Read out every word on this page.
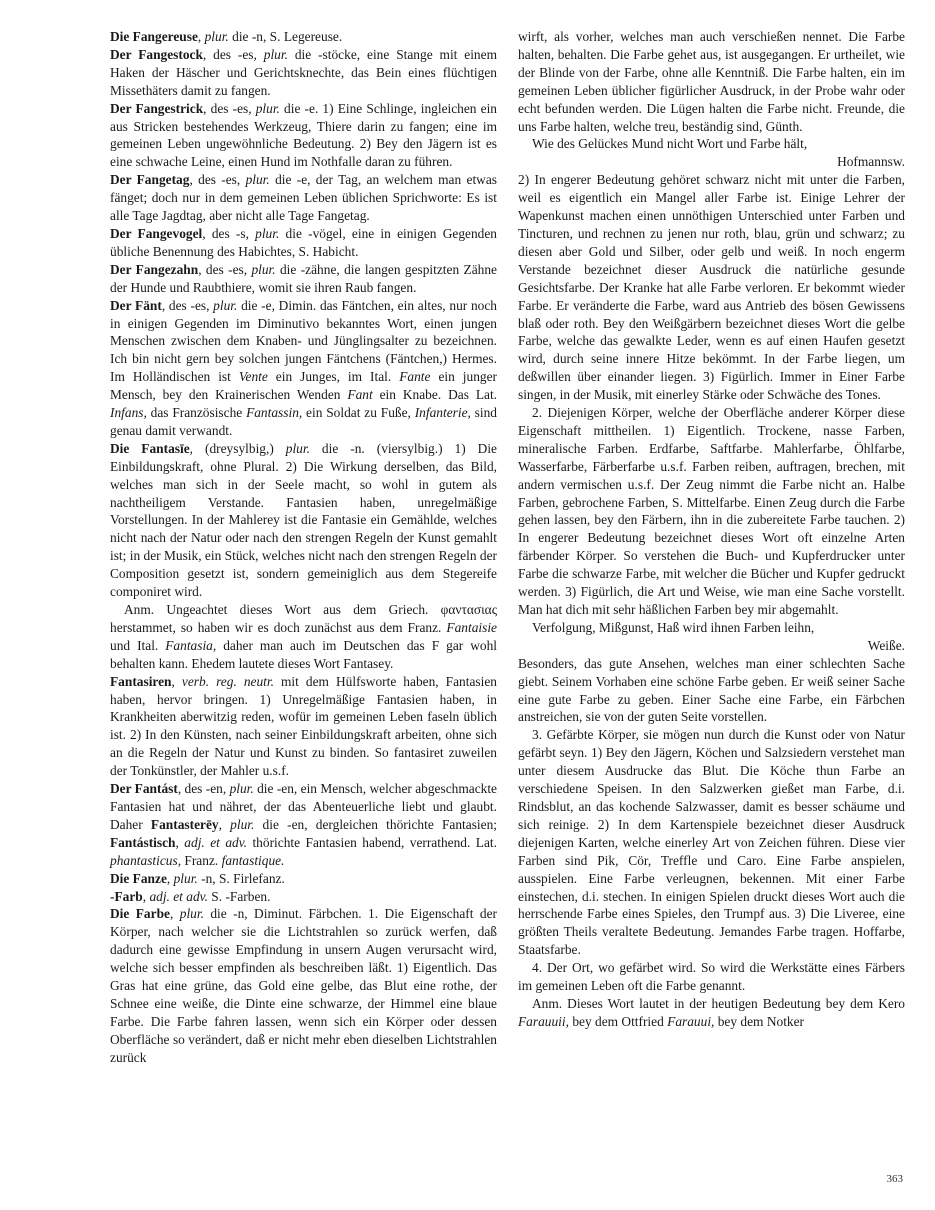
Die Fangereuse, plur. die -n, S. Legereuse.

Der Fangestock, des -es, plur. die -stöcke, eine Stange mit einem Haken der Häscher und Gerichtsknechte, das Bein eines flüchtigen Missethäters damit zu fangen.

Der Fangestrick, des -es, plur. die -e. 1) Eine Schlinge, ingleichen ein aus Stricken bestehendes Werkzeug, Thiere darin zu fangen; eine im gemeinen Leben ungewöhnliche Bedeutung. 2) Bey den Jägern ist es eine schwache Leine, einen Hund im Nothfalle daran zu führen.

Der Fangetag, des -es, plur. die -e, der Tag, an welchem man etwas fänget; doch nur in dem gemeinen Leben üblichen Sprichworte: Es ist alle Tage Jagdtag, aber nicht alle Tage Fangetag.

Der Fangevogel, des -s, plur. die -vögel, eine in einigen Gegenden übliche Benennung des Habichtes, S. Habicht.

Der Fangezahn, des -es, plur. die -zähne, die langen gespitzten Zähne der Hunde und Raubthiere, womit sie ihren Raub fangen.

Der Fänt, des -es, plur. die -e, Dimin. das Fäntchen, ein altes, nur noch in einigen Gegenden im Diminutivo bekanntes Wort, einen jungen Menschen zwischen dem Knaben- und Jünglingsalter zu bezeichnen. Ich bin nicht gern bey solchen jungen Fäntchens (Fäntchen,) Hermes. Im Holländischen ist Vente ein Junges, im Ital. Fante ein junger Mensch, bey den Krainerischen Wenden Fant ein Knabe. Das Lat. Infans, das Französische Fantassin, ein Soldat zu Fuße, Infanterie, sind genau damit verwandt.

Die Fantasīe, (dreysylbig,) plur. die -n. (viersylbig.) 1) Die Einbildungskraft, ohne Plural. 2) Die Wirkung derselben, das Bild, welches man sich in der Seele macht, so wohl in gutem als nachtheiligem Verstande. Fantasien haben, unregelmäßige Vorstellungen. In der Mahlerey ist die Fantasie ein Gemählde, welches nicht nach der Natur oder nach den strengen Regeln der Kunst gemahlt ist; in der Musik, ein Stück, welches nicht nach den strengen Regeln der Composition gesetzt ist, sondern gemeiniglich aus dem Stegereife componiret wird.

Anm. Ungeachtet dieses Wort aus dem Griech. φαντασιας herstammet, so haben wir es doch zunächst aus dem Franz. Fantaisie und Ital. Fantasia, daher man auch im Deutschen das F gar wohl behalten kann. Ehedem lautete dieses Wort Fantasey.

Fantasiren, verb. reg. neutr. mit dem Hülfsworte haben, Fantasien haben, hervor bringen. 1) Unregelmäßige Fantasien haben, in Krankheiten aberwitzig reden, wofür im gemeinen Leben faseln üblich ist. 2) In den Künsten, nach seiner Einbildungskraft arbeiten, ohne sich an die Regeln der Natur und Kunst zu binden. So fantasiret zuweilen der Tonkünstler, der Mahler u.s.f.

Der Fantást, des -en, plur. die -en, ein Mensch, welcher abgeschmackte Fantasien hat und nähret, der das Abenteuerliche liebt und glaubt. Daher Fantasterēy, plur. die -en, dergleichen thörichte Fantasien; Fantástisch, adj. et adv. thörichte Fantasien habend, verrathend. Lat. phantasticus, Franz. fantastique.

Die Fanze, plur. -n, S. Firlefanz.

-Farb, adj. et adv. S. -Farben.

Die Farbe, plur. die -n, Diminut. Färbchen. 1. Die Eigenschaft der Körper, nach welcher sie die Lichtstrahlen so zurück werfen, daß dadurch eine gewisse Empfindung in unsern Augen verursacht wird, welche sich besser empfinden als beschreiben läßt. 1) Eigentlich. Das Gras hat eine grüne, das Gold eine gelbe, das Blut eine rothe, der Schnee eine weiße, die Dinte eine schwarze, der Himmel eine blaue Farbe. Die Farbe fahren lassen, wenn sich ein Körper oder dessen Oberfläche so verändert, daß er nicht mehr eben dieselben Lichtstrahlen zurück

wirft, als vorher, welches man auch verschießen nennet. Die Farbe halten, behalten. Die Farbe gehet aus, ist ausgegangen. Er urtheilet, wie der Blinde von der Farbe, ohne alle Kenntniß. Die Farbe halten, ein im gemeinen Leben üblicher figürlicher Ausdruck, in der Probe wahr oder echt befunden werden. Die Lügen halten die Farbe nicht. Freunde, die uns Farbe halten, welche treu, beständig sind, Günth.

Wie des Gelückes Mund nicht Wort und Farbe hält,

Hofmannsw.

2) In engerer Bedeutung gehöret schwarz nicht mit unter die Farben, weil es eigentlich ein Mangel aller Farbe ist. Einige Lehrer der Wapenkunst machen einen unnöthigen Unterschied unter Farben und Tincturen, und rechnen zu jenen nur roth, blau, grün und schwarz; zu diesen aber Gold und Silber, oder gelb und weiß. In noch engerm Verstande bezeichnet dieser Ausdruck die natürliche gesunde Gesichtsfarbe. Der Kranke hat alle Farbe verloren. Er bekommt wieder Farbe. Er veränderte die Farbe, ward aus Antrieb des bösen Gewissens blaß oder roth. Bey den Weißgärbern bezeichnet dieses Wort die gelbe Farbe, welche das gewalkte Leder, wenn es auf einen Haufen gesetzt wird, durch seine innere Hitze bekömmt. In der Farbe liegen, um deßwillen über einander liegen. 3) Figürlich. Immer in Einer Farbe singen, in der Musik, mit einerley Stärke oder Schwäche des Tones.

2. Diejenigen Körper, welche der Oberfläche anderer Körper diese Eigenschaft mittheilen. 1) Eigentlich. Trockene, nasse Farben, mineralische Farben. Erdfarbe, Saftfarbe. Mahlerfarbe, Öhlfarbe, Wasserfarbe, Färberfarbe u.s.f. Farben reiben, auftragen, brechen, mit andern vermischen u.s.f. Der Zeug nimmt die Farbe nicht an. Halbe Farben, gebrochene Farben, S. Mittelfarbe. Einen Zeug durch die Farbe gehen lassen, bey den Färbern, ihn in die zubereitete Farbe tauchen. 2) In engerer Bedeutung bezeichnet dieses Wort oft einzelne Arten färbender Körper. So verstehen die Buch- und Kupferdrucker unter Farbe die schwarze Farbe, mit welcher die Bücher und Kupfer gedruckt werden. 3) Figürlich, die Art und Weise, wie man eine Sache vorstellt. Man hat dich mit sehr häßlichen Farben bey mir abgemahlt.

Verfolgung, Mißgunst, Haß wird ihnen Farben leihn,

Weiße.

Besonders, das gute Ansehen, welches man einer schlechten Sache giebt. Seinem Vorhaben eine schöne Farbe geben. Er weiß seiner Sache eine gute Farbe zu geben. Einer Sache eine Farbe, ein Färbchen anstreichen, sie von der guten Seite vorstellen.

3. Gefärbte Körper, sie mögen nun durch die Kunst oder von Natur gefärbt seyn. 1) Bey den Jägern, Köchen und Salzsiedern verstehet man unter diesem Ausdrucke das Blut. Die Köche thun Farbe an verschiedene Speisen. In den Salzwerken gießet man Farbe, d.i. Rindsblut, an das kochende Salzwasser, damit es besser schäume und sich reinige. 2) In dem Kartenspiele bezeichnet dieser Ausdruck diejenigen Karten, welche einerley Art von Zeichen führen. Diese vier Farben sind Pik, Cör, Treffle und Caro. Eine Farbe anspielen, ausspielen. Eine Farbe verleugnen, bekennen. Mit einer Farbe einstechen, d.i. stechen. In einigen Spielen druckt dieses Wort auch die herrschende Farbe eines Spieles, den Trumpf aus. 3) Die Liveree, eine größten Theils veraltete Bedeutung. Jemandes Farbe tragen. Hoffarbe, Staatsfarbe.

4. Der Ort, wo gefärbet wird. So wird die Werkstätte eines Färbers im gemeinen Leben oft die Farbe genannt.

Anm. Dieses Wort lautet in der heutigen Bedeutung bey dem Kero Farauuii, bey dem Ottfried Farauui, bey dem Notker

363
